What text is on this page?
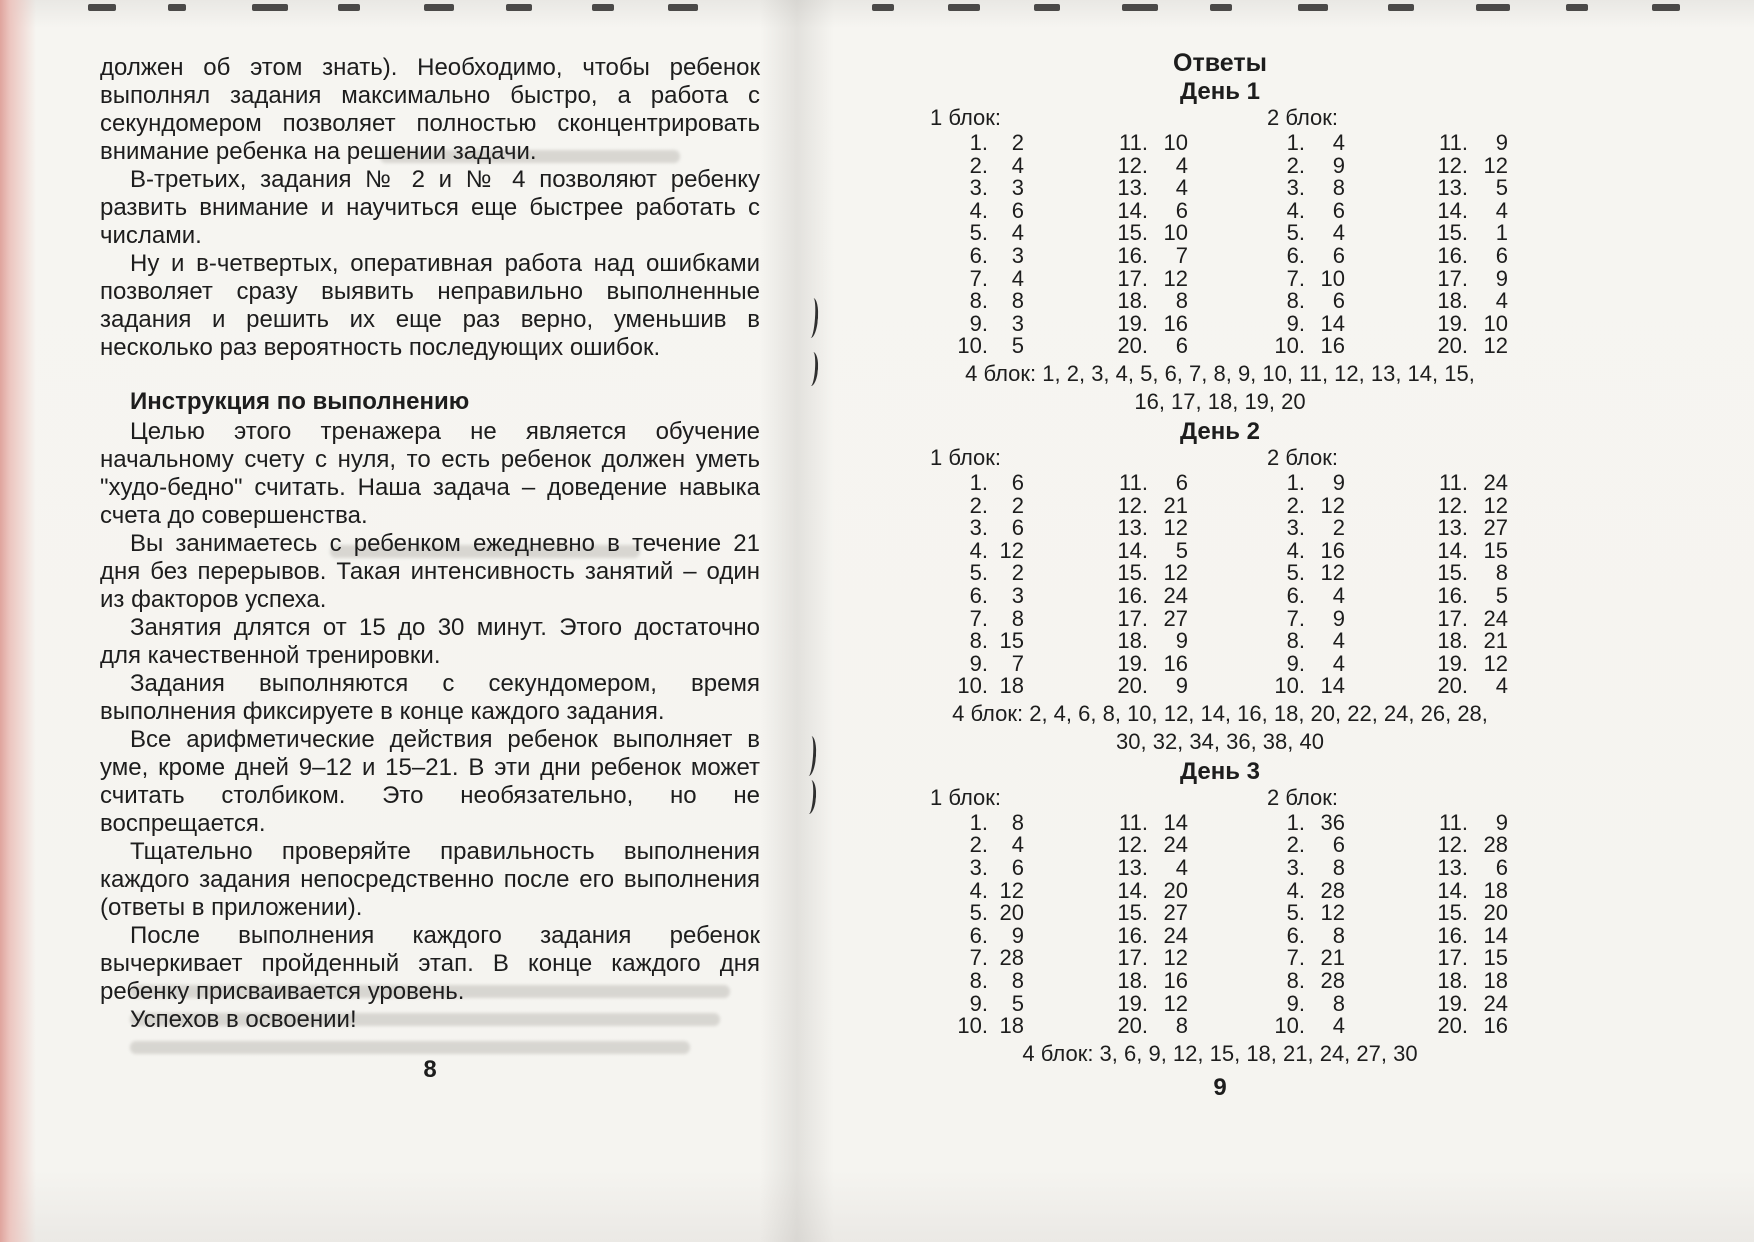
должен об этом знать). Необходимо, чтобы ребенок выполнял задания максимально быстро, а работа с секундомером позволяет полностью сконцентрировать внимание ребенка на решении задачи.

В-третьих, задания № 2 и № 4 позволяют ребенку развить внимание и научиться еще быстрее работать с числами.

Ну и в-четвертых, оперативная работа над ошибками позволяет сразу выявить неправильно выполненные задания и решить их еще раз верно, уменьшив в несколько раз вероятность последующих ошибок.

Инструкция по выполнению

Целью этого тренажера не является обучение начальному счету с нуля, то есть ребенок должен уметь "худо-бедно" считать. Наша задача – доведение навыка счета до совершенства.

Вы занимаетесь с ребенком ежедневно в течение 21 дня без перерывов. Такая интенсивность занятий – один из факторов успеха.

Занятия длятся от 15 до 30 минут. Этого достаточно для качественной тренировки.

Задания выполняются с секундомером, время выполнения фиксируете в конце каждого задания.

Все арифметические действия ребенок выполняет в уме, кроме дней 9–12 и 15–21. В эти дни ребенок может считать столбиком. Это необязательно, но не воспрещается.

Тщательно проверяйте правильность выполнения каждого задания непосредственно после его выполнения (ответы в приложении).

После выполнения каждого задания ребенок вычеркивает пройденный этап. В конце каждого дня ребенку присваивается уровень.

Успехов в освоении!

8
Ответы
День 1
1 блок:	2 блок:
1.	2	11. 10	1.	4	11.	9
2.	4	12.	4	2.	9	12. 12
3.	3	13.	4	3.	8	13.	5
4.	6	14.	6	4.	6	14.	4
5.	4	15. 10	5.	4	15.	1
6.	3	16.	7	6.	6	16.	6
7.	4	17. 12	7. 10	17.	9
8.	8	18.	8	8.	6	18.	4
9.	3	19. 16	9. 14	19. 10
10.	5	20.	6	10. 16	20. 12
4 блок: 1, 2, 3, 4, 5, 6, 7, 8, 9, 10, 11, 12, 13, 14, 15,
16, 17, 18, 19, 20
День 2
1 блок:	2 блок:
1.	6	11.	6	1.	9	11. 24
2.	2	12. 21	2. 12	12. 12
3.	6	13. 12	3.	2	13. 27
4. 12	14.	5	4. 16	14. 15
5.	2	15. 12	5. 12	15.	8
6.	3	16. 24	6.	4	16.	5
7.	8	17. 27	7.	9	17. 24
8. 15	18.	9	8.	4	18. 21
9.	7	19. 16	9.	4	19. 12
10. 18	20.	9	10. 14	20.	4
4 блок: 2, 4, 6, 8, 10, 12, 14, 16, 18, 20, 22, 24, 26, 28,
30, 32, 34, 36, 38, 40
День 3
1 блок:	2 блок:
1.	8	11. 14	1. 36	11.	9
2.	4	12. 24	2.	6	12. 28
3.	6	13.	4	3.	8	13.	6
4. 12	14. 20	4. 28	14. 18
5. 20	15. 27	5. 12	15. 20
6.	9	16. 24	6.	8	16. 14
7. 28	17. 12	7. 21	17. 15
8.	8	18. 16	8. 28	18. 18
9.	5	19. 12	9.	8	19. 24
10. 18	20.	8	10.	4	20. 16
4 блок: 3, 6, 9, 12, 15, 18, 21, 24, 27, 30
9
